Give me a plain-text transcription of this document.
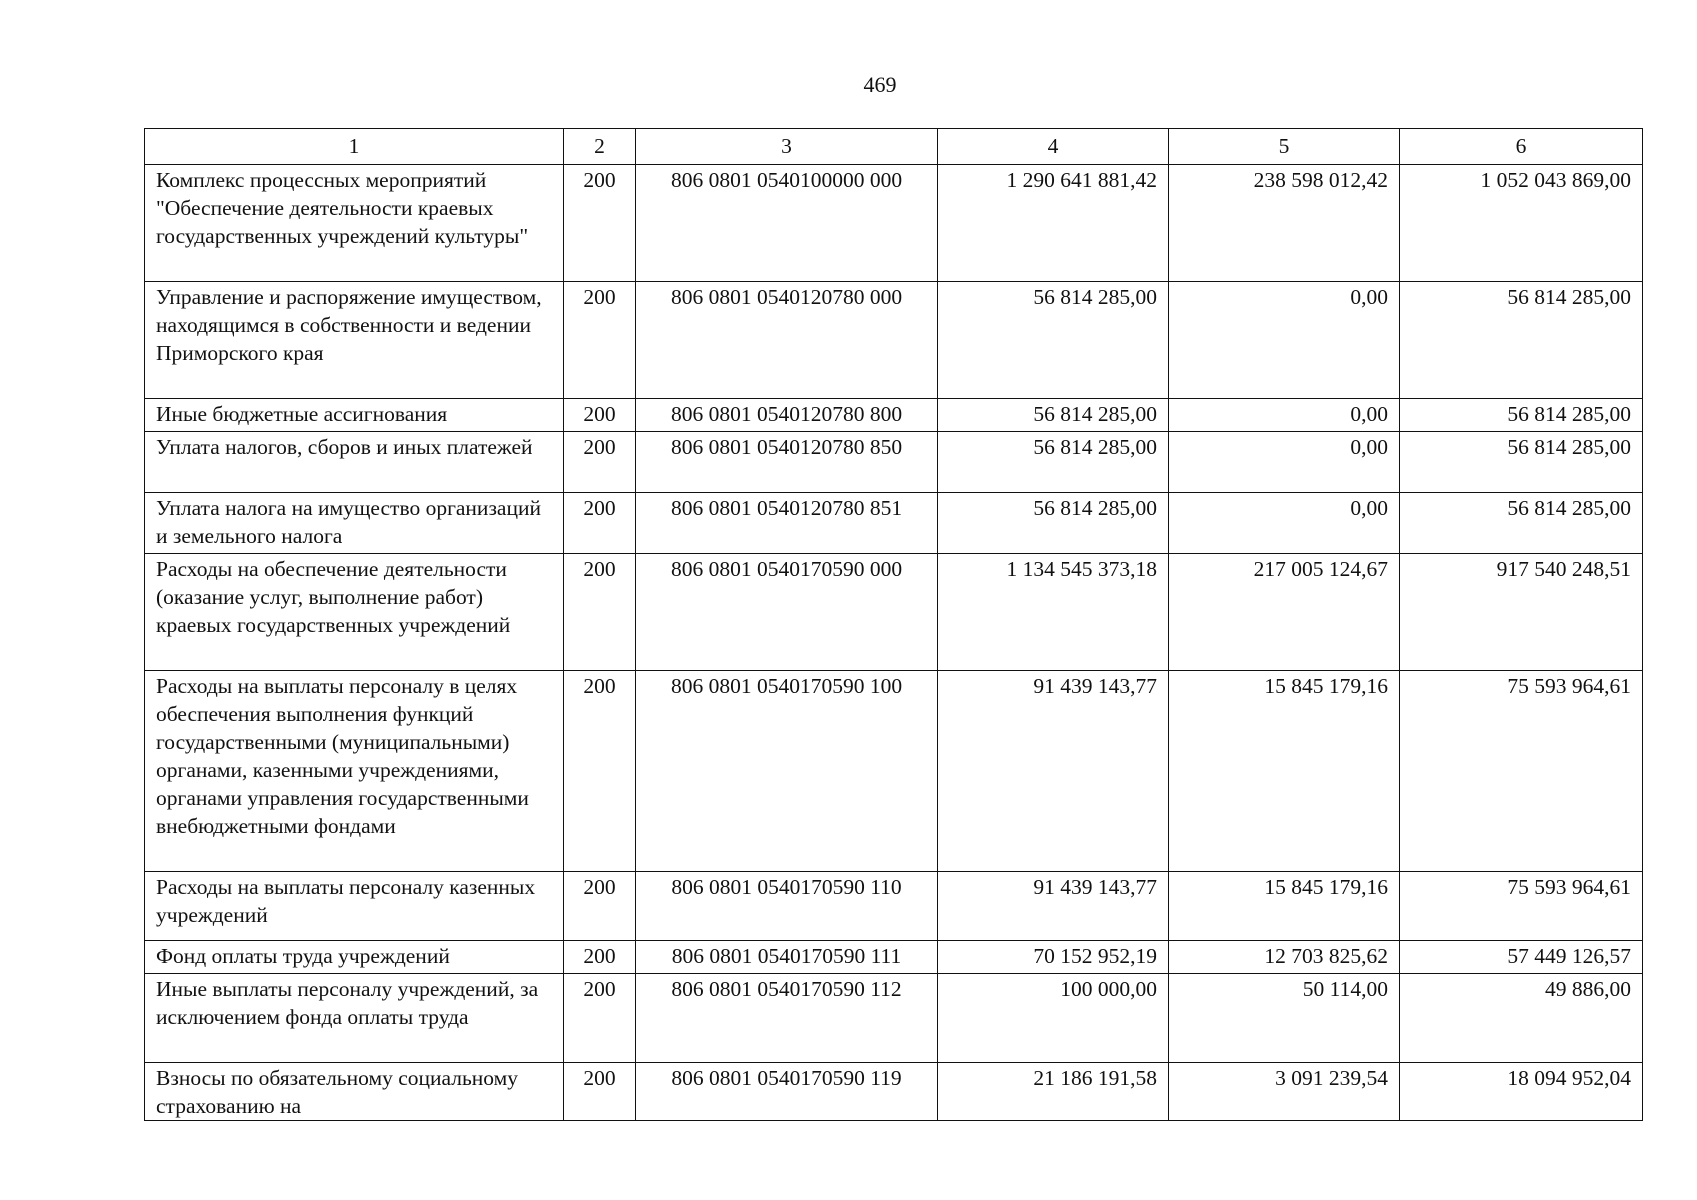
469
1	2	3	4	5	6
Комплекс процессных мероприятий "Обеспечение деятельности краевых государственных учреждений культуры"	200	806 0801 0540100000 000	1 290 641 881,42	238 598 012,42	1 052 043 869,00
Управление и распоряжение имуществом, находящимся в собственности и ведении Приморского края	200	806 0801 0540120780 000	56 814 285,00	0,00	56 814 285,00
Иные бюджетные ассигнования	200	806 0801 0540120780 800	56 814 285,00	0,00	56 814 285,00
Уплата налогов, сборов и иных платежей	200	806 0801 0540120780 850	56 814 285,00	0,00	56 814 285,00
Уплата налога на имущество организаций и земельного налога	200	806 0801 0540120780 851	56 814 285,00	0,00	56 814 285,00
Расходы на обеспечение деятельности (оказание услуг, выполнение работ) краевых государственных учреждений	200	806 0801 0540170590 000	1 134 545 373,18	217 005 124,67	917 540 248,51
Расходы на выплаты персоналу в целях обеспечения выполнения функций государственными (муниципальными) органами, казенными учреждениями, органами управления государственными внебюджетными фондами	200	806 0801 0540170590 100	91 439 143,77	15 845 179,16	75 593 964,61
Расходы на выплаты персоналу казенных учреждений	200	806 0801 0540170590 110	91 439 143,77	15 845 179,16	75 593 964,61
Фонд оплаты труда учреждений	200	806 0801 0540170590 111	70 152 952,19	12 703 825,62	57 449 126,57
Иные выплаты персоналу учреждений, за исключением фонда оплаты труда	200	806 0801 0540170590 112	100 000,00	50 114,00	49 886,00
Взносы по обязательному социальному страхованию на	200	806 0801 0540170590 119	21 186 191,58	3 091 239,54	18 094 952,04
